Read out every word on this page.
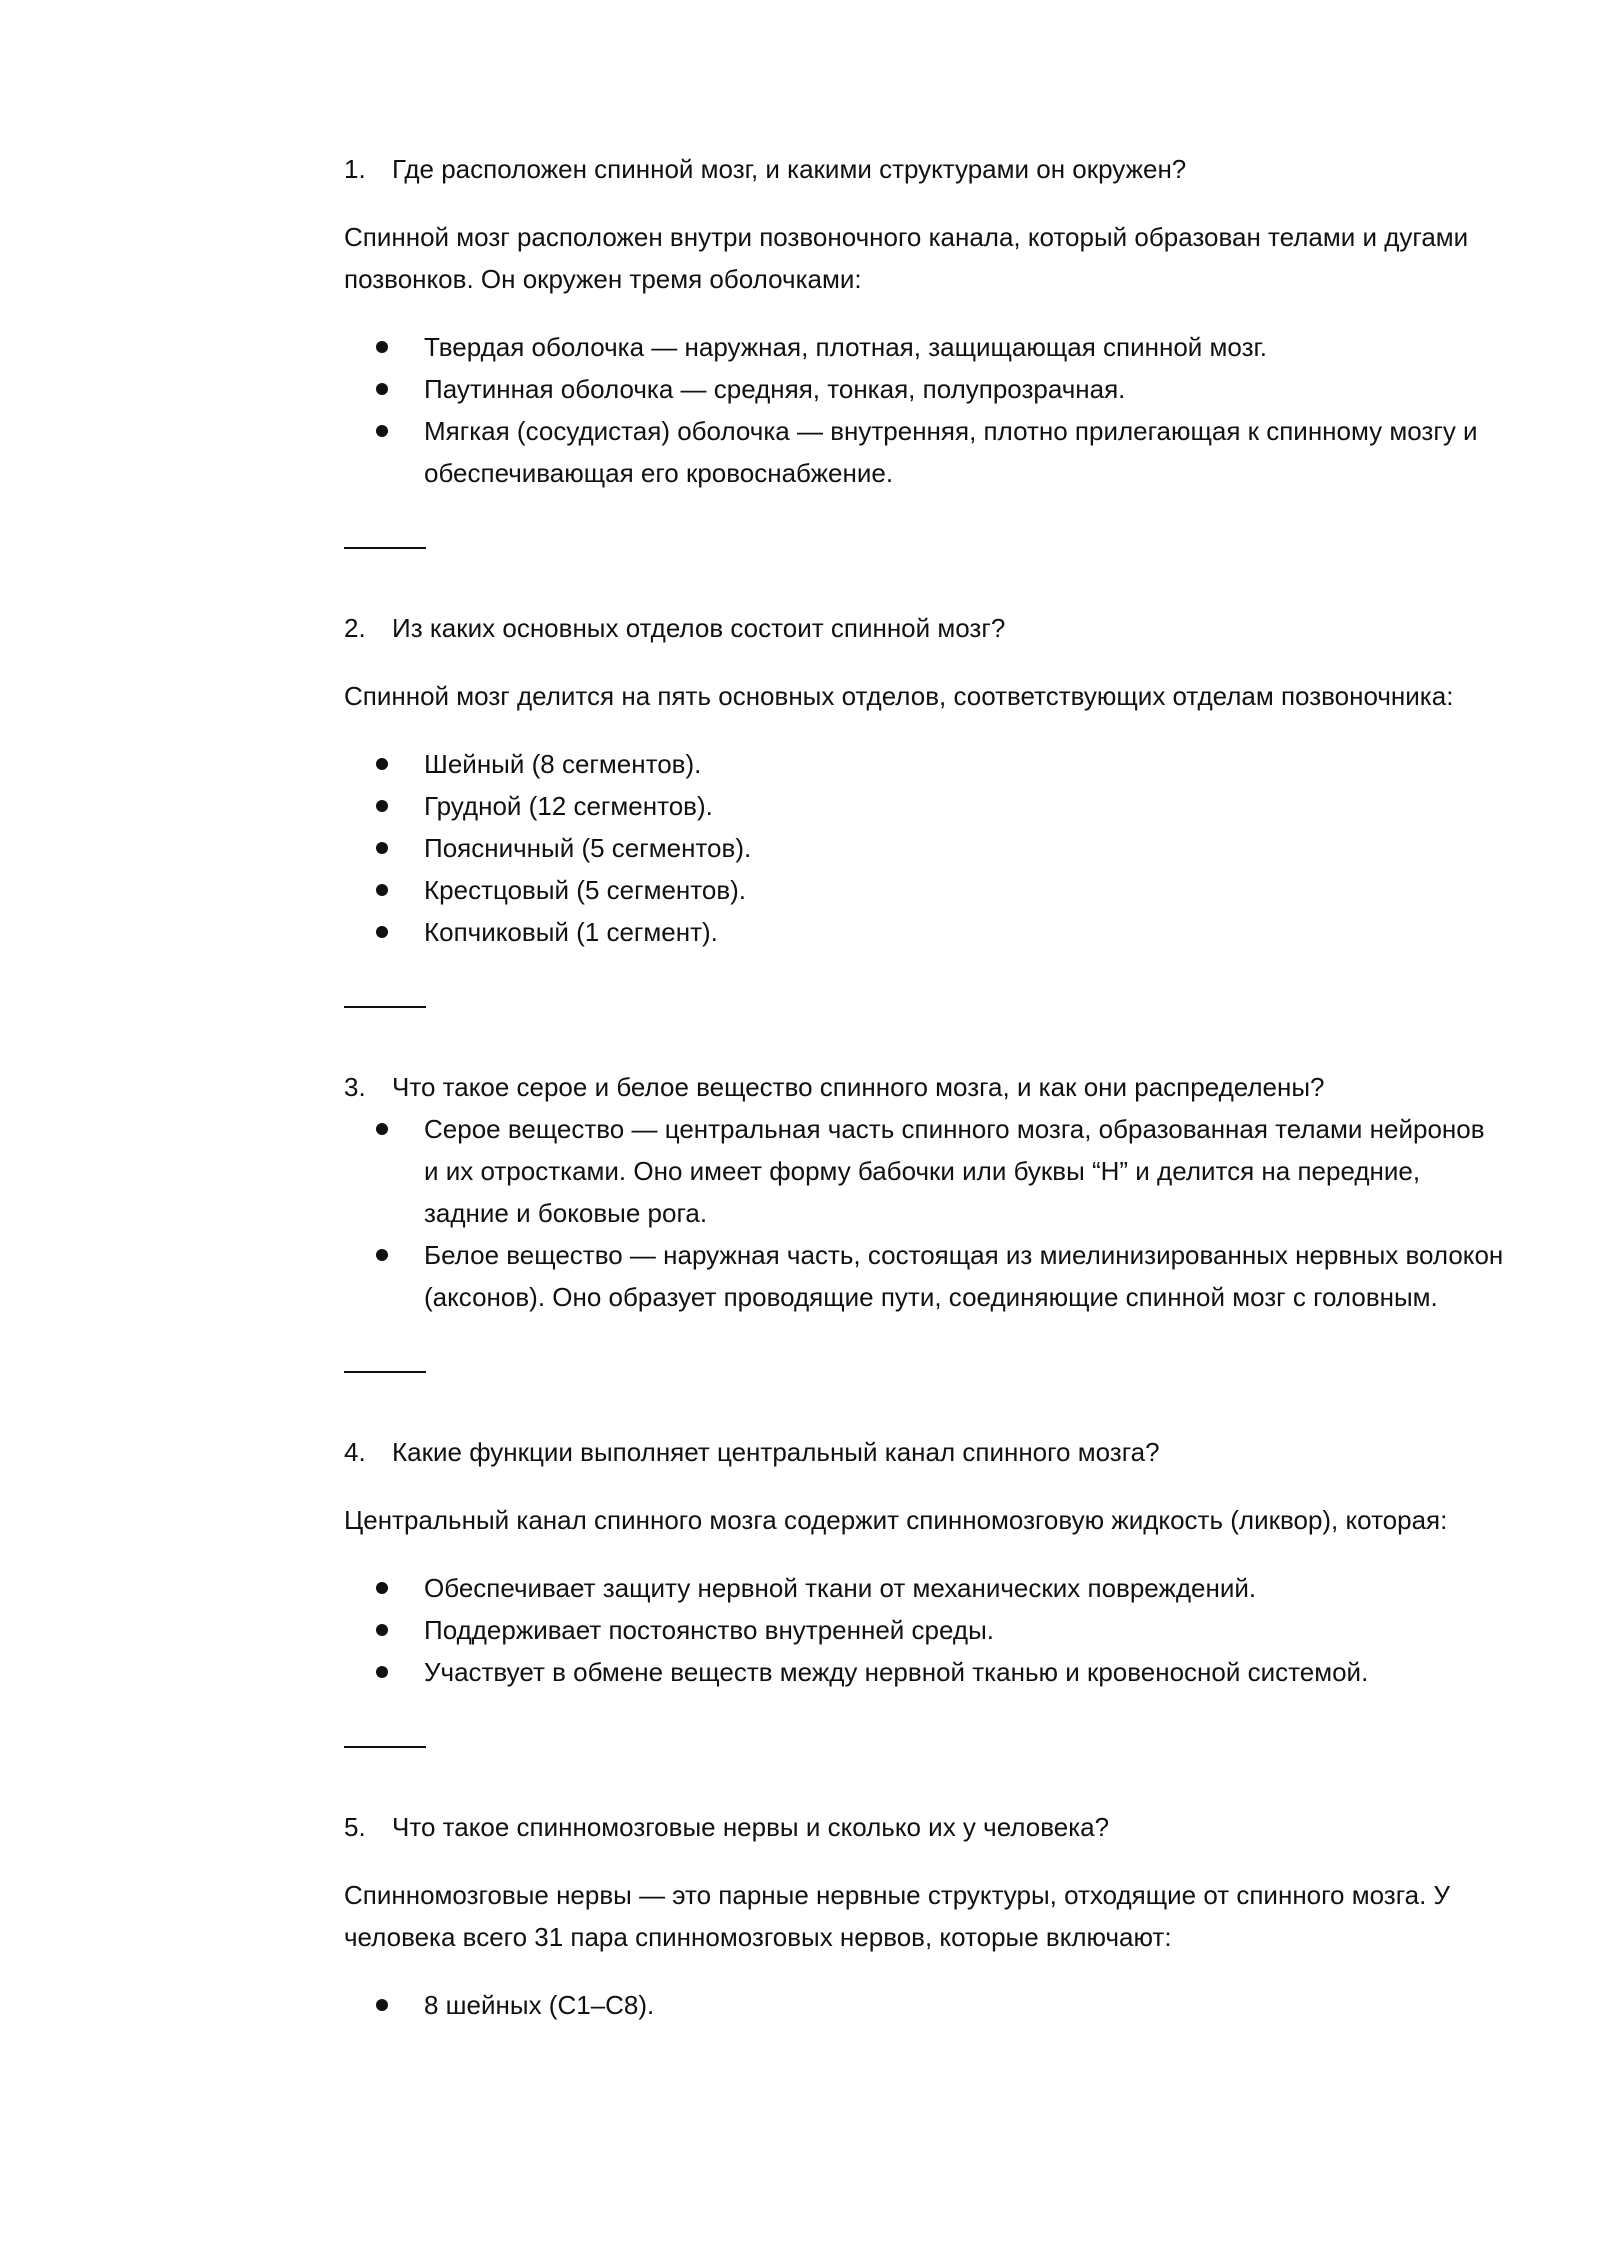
1.	Где расположен спинной мозг, и какими структурами он окружен?

Спинной мозг расположен внутри позвоночного канала, который образован телами и дугами позвонков. Он окружен тремя оболочками:

Твердая оболочка — наружная, плотная, защищающая спинной мозг.
Паутинная оболочка — средняя, тонкая, полупрозрачная.
Мягкая (сосудистая) оболочка — внутренняя, плотно прилегающая к спинному мозгу и обеспечивающая его кровоснабжение.

2.	Из каких основных отделов состоит спинной мозг?

Спинной мозг делится на пять основных отделов, соответствующих отделам позвоночника:

Шейный (8 сегментов).
Грудной (12 сегментов).
Поясничный (5 сегментов).
Крестцовый (5 сегментов).
Копчиковый (1 сегмент).

3.	Что такое серое и белое вещество спинного мозга, и как они распределены?

Серое вещество — центральная часть спинного мозга, образованная телами нейронов и их отростками. Оно имеет форму бабочки или буквы “H” и делится на передние, задние и боковые рога.
Белое вещество — наружная часть, состоящая из миелинизированных нервных волокон (аксонов). Оно образует проводящие пути, соединяющие спинной мозг с головным.

4.	Какие функции выполняет центральный канал спинного мозга?

Центральный канал спинного мозга содержит спинномозговую жидкость (ликвор), которая:

Обеспечивает защиту нервной ткани от механических повреждений.
Поддерживает постоянство внутренней среды.
Участвует в обмене веществ между нервной тканью и кровеносной системой.

5.	Что такое спинномозговые нервы и сколько их у человека?

Спинномозговые нервы — это парные нервные структуры, отходящие от спинного мозга. У человека всего 31 пара спинномозговых нервов, которые включают:

8 шейных (C1–C8).
